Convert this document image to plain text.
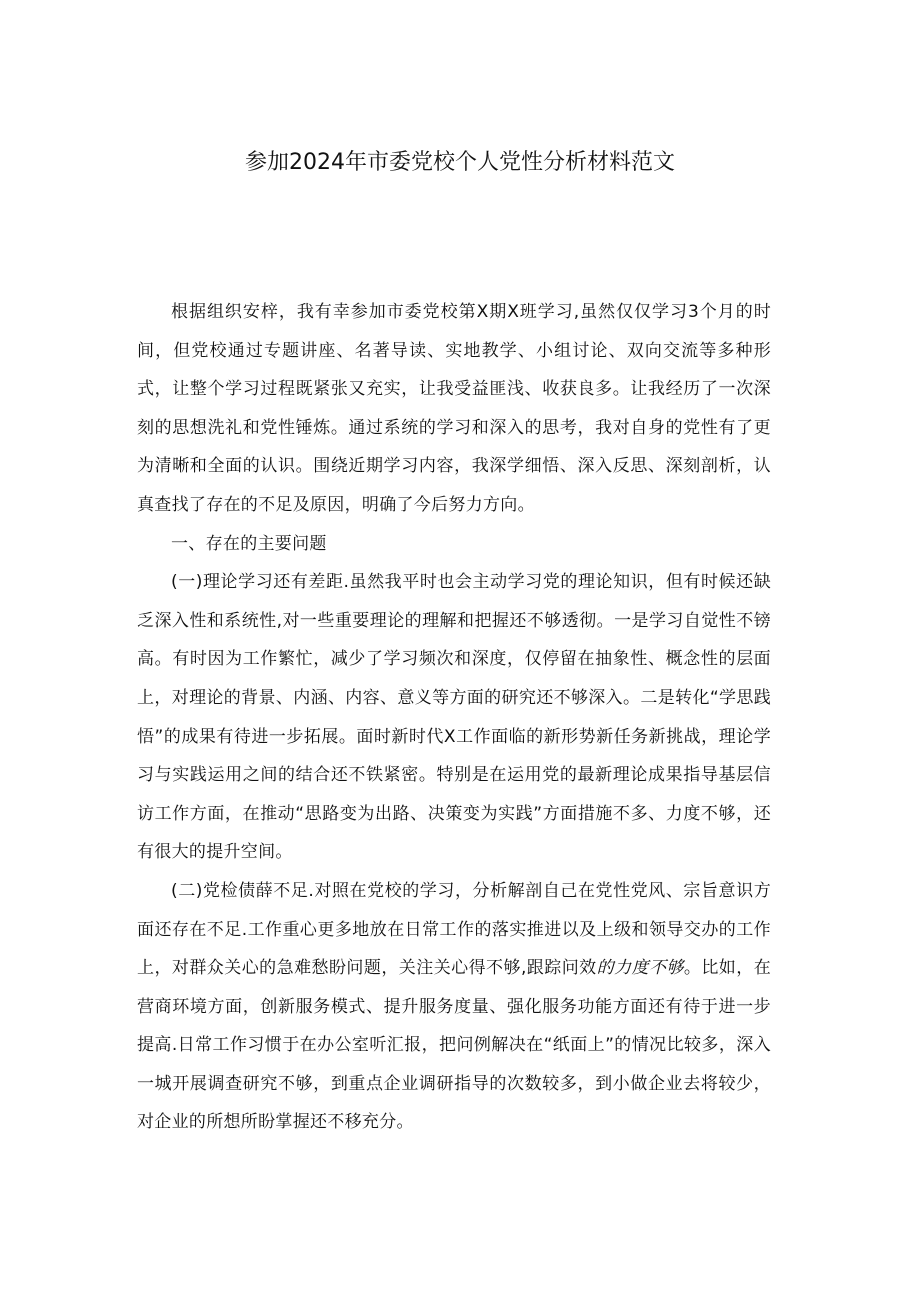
参加2024年市委党校个人党性分析材料范文

根据组织安梓，我有幸参加市委党校第X期X班学习,虽然仅仅学习3个月的时间，但党校通过专题讲座、名著导读、实地教学、小组讨论、双向交流等多种形式，让整个学习过程既紧张又充实，让我受益匪浅、收获良多。让我经历了一次深刻的思想洗礼和党性锤炼。通过系统的学习和深入的思考，我对自身的党性有了更为清晰和全面的认识。围绕近期学习内容，我深学细悟、深入反思、深刻剖析，认真查找了存在的不足及原因，明确了今后努力方向。

一、存在的主要问题

(一)理论学习还有差距.虽然我平时也会主动学习党的理论知识，但有时候还缺乏深入性和系统性,对一些重要理论的理解和把握还不够透彻。一是学习自觉性不镑高。有时因为工作繁忙，减少了学习频次和深度，仅停留在抽象性、概念性的层面上，对理论的背景、内涵、内容、意义等方面的研究还不够深入。二是转化“学思践悟”的成果有待进一步拓展。面时新时代X工作面临的新形势新任务新挑战，理论学习与实践运用之间的结合还不铁紧密。特别是在运用党的最新理论成果指导基层信访工作方面，在推动“思路变为出路、决策变为实践”方面措施不多、力度不够，还有很大的提升空间。

(二)党检债薛不足.对照在党校的学习，分析解剖自己在党性党风、宗旨意识方面还存在不足.工作重心更多地放在日常工作的落实推进以及上级和领导交办的工作上，对群众关心的急难愁盼问题，关注关心得不够,跟踪问效的力度不够。比如，在营商环境方面，创新服务模式、提升服务度量、强化服务功能方面还有待于进一步提高.日常工作习惯于在办公室听汇报，把问例解决在“纸面上”的情况比较多，深入一城开展调查研究不够，到重点企业调研指导的次数较多，到小做企业去将较少，对企业的所想所盼掌握还不移充分。
